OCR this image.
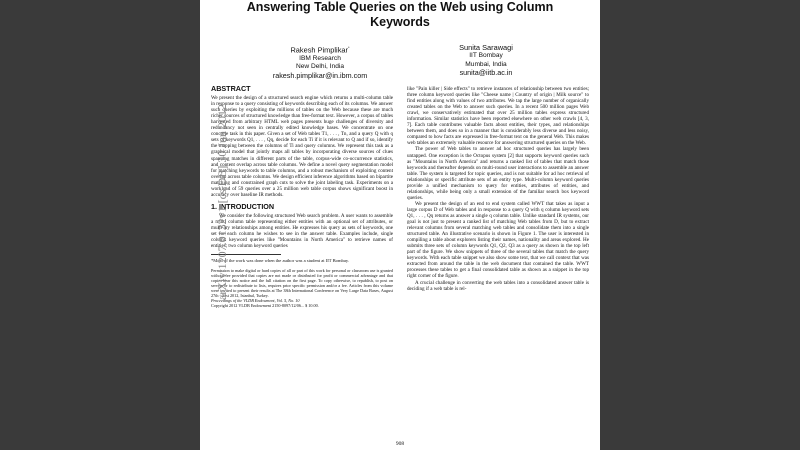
Answering Table Queries on the Web using Column
Keywords
Rakesh Pimplikar*
IBM Research
New Delhi, India
rakesh.pimplikar@in.ibm.com
Sunita Sarawagi
IIT Bombay
Mumbai, India
sunita@iitb.ac.in
ABSTRACT

We present the design of a structured search engine which returns a multi-column table in response to a query consisting of keywords describing each of its columns. We answer such queries by exploiting the millions of tables on the Web because these are much richer sources of structured knowledge than free-format text. However, a corpus of tables harvested from arbitrary HTML web pages presents huge challenges of diversity and redundancy not seen in centrally edited knowledge bases. We concentrate on one concrete task in this paper. Given a set of Web tables T1, . . . , Tn, and a query Q with q sets of keywords Q1, . . . , Qq, decide for each Ti if it is relevant to Q and if so, identify the mapping between the columns of Ti and query columns. We represent this task as a graphical model that jointly maps all tables by incorporating diverse sources of clues spanning matches in different parts of the table, corpus-wide co-occurrence statistics, and content overlap across table columns. We define a novel query segmentation model for matching keywords to table columns, and a robust mechanism of exploiting content overlap across table columns. We design efficient inference algorithms based on bipartite matching and constrained graph cuts to solve the joint labeling task. Experiments on a workload of 59 queries over a 25 million web table corpus shows significant boost in accuracy over baseline IR methods.

1. INTRODUCTION

We consider the following structured Web search problem. A user wants to assemble a multi column table representing either entities with an optional set of attributes, or multi-ary relationships among entities. He expresses his query as sets of keywords, one set for each column he wishes to see in the answer table. Examples include, single column keyword queries like "Mountains in North America" to retrieve names of entities; two column keyword queries

*Most of the work was done when the author was a student at IIT Bombay.

Permission to make digital or hard copies of all or part of this work for personal or classroom use is granted without fee provided that copies are not made or distributed for profit or commercial advantage and that copies bear this notice and the full citation on the first page. To copy otherwise, to republish, to post on servers or to redistribute to lists, requires prior specific permission and/or a fee. Articles from this volume were invited to present their results at The 38th International Conference on Very Large Data Bases, August 27th - 31st 2012, Istanbul, Turkey.

Proceedings of the VLDB Endowment, Vol. 5, No. 10

Copyright 2012 VLDB Endowment 2150-8097/12/06... $ 10.00.

like "Pain killer | Side effects" to retrieve instances of relationship between two entities; three column keyword queries like "Cheese name | Country of origin | Milk source" to find entities along with values of two attributes. We tap the large number of organically created tables on the Web to answer such queries. In a recent 500 million pages Web crawl, we conservatively estimated that over 25 million tables express structured information. Similar statistics have been reported elsewhere on other web crawls [4, 3, 7]. Each table contributes valuable facts about entities, their types, and relationships between them, and does so in a manner that is considerably less diverse and less noisy, compared to how facts are expressed in free-format text on the general Web. This makes web tables an extremely valuable resource for answering structured queries on the Web.

The power of Web tables to answer ad hoc structured queries has largely been untapped. One exception is the Octopus system [2] that supports keyword queries such as "Mountains in North America" and returns a ranked list of tables that match those keywords and thereafter depends on multi-round user interactions to assemble an answer table. The system is targeted for topic queries, and is not suitable for ad hoc retrieval of relationships or specific attribute sets of an entity type. Multi-column keyword queries provide a unified mechanism to query for entities, attributes of entities, and relationships, while being only a small extension of the familiar search box keyword queries.

We present the design of an end to end system called WWT that takes as input a large corpus D of Web tables and in response to a query Q with q column keyword sets Q1, . . . , Qq returns as answer a single q column table. Unlike standard IR systems, our goal is not just to present a ranked list of matching Web tables from D, but to extract relevant columns from several matching web tables and consolidate them into a single structured table. An illustrative scenario is shown in Figure 1. The user is interested in compiling a table about explorers listing their names, nationality and areas explored. He submits three sets of column keywords Q1, Q2, Q3 as a query as shown in the top left part of the figure. We show snippets of three of the several tables that match the query keywords. With each table snippet we also show some text, that we call context that was extracted from around the table in the web document that contained the table. WWT processes these tables to get a final consolidated table as shown as a snippet in the top right corner of the figure.

A crucial challenge in converting the web tables into a consolidated answer table is deciding if a web table is rel-

908
arXiv:1207.0132v1 [cs.DB] 30 Jun 2012
